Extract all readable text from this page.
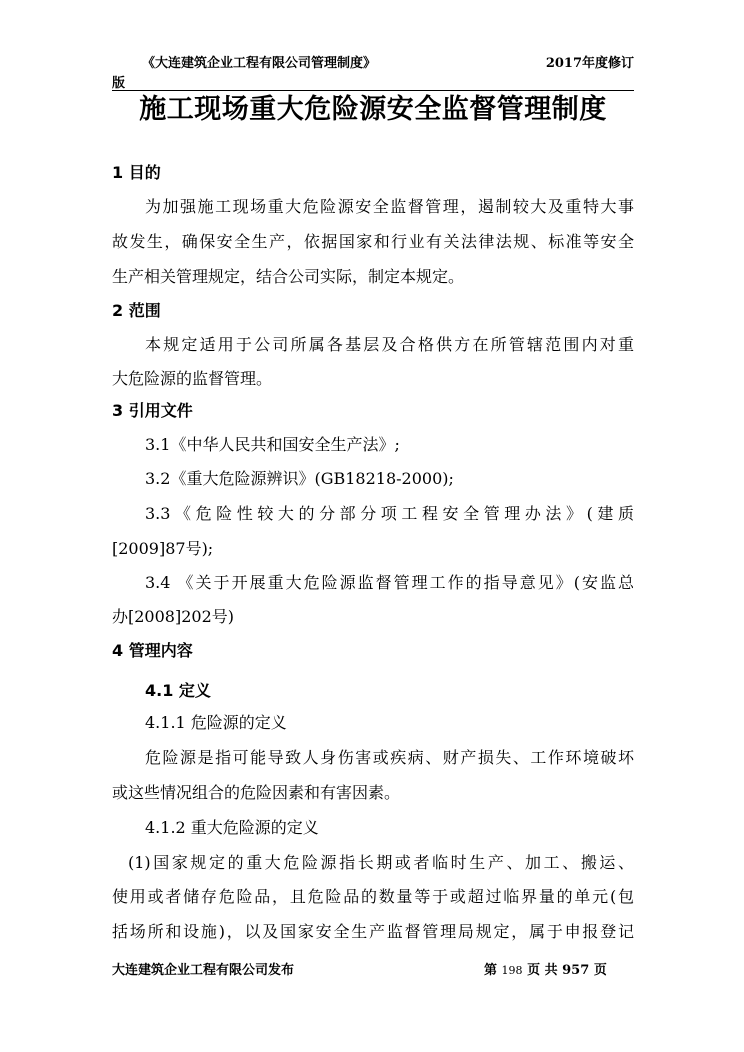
《大连建筑企业工程有限公司管理制度》	2017年度修订
版
施工现场重大危险源安全监督管理制度
1 目的
为加强施工现场重大危险源安全监督管理，遏制较大及重特大事
故发生，确保安全生产，依据国家和行业有关法律法规、标准等安全
生产相关管理规定，结合公司实际，制定本规定。
2 范围
本规定适用于公司所属各基层及合格供方在所管辖范围内对重
大危险源的监督管理。
3 引用文件
3.1《中华人民共和国安全生产法》;
3.2《重大危险源辨识》(GB18218-2000);
3.3《危险性较大的分部分项工程安全管理办法》(建质
[2009]87号);
3.4 《关于开展重大危险源监督管理工作的指导意见》(安监总
办[2008]202号)
4 管理内容
4.1 定义
4.1.1 危险源的定义
危险源是指可能导致人身伤害或疾病、财产损失、工作环境破坏
或这些情况组合的危险因素和有害因素。
4.1.2 重大危险源的定义
(1)国家规定的重大危险源指长期或者临时生产、加工、搬运、
使用或者储存危险品，且危险品的数量等于或超过临界量的单元(包
括场所和设施)，以及国家安全生产监督管理局规定，属于申报登记
大连建筑企业工程有限公司发布	第 198 页 共 957 页
